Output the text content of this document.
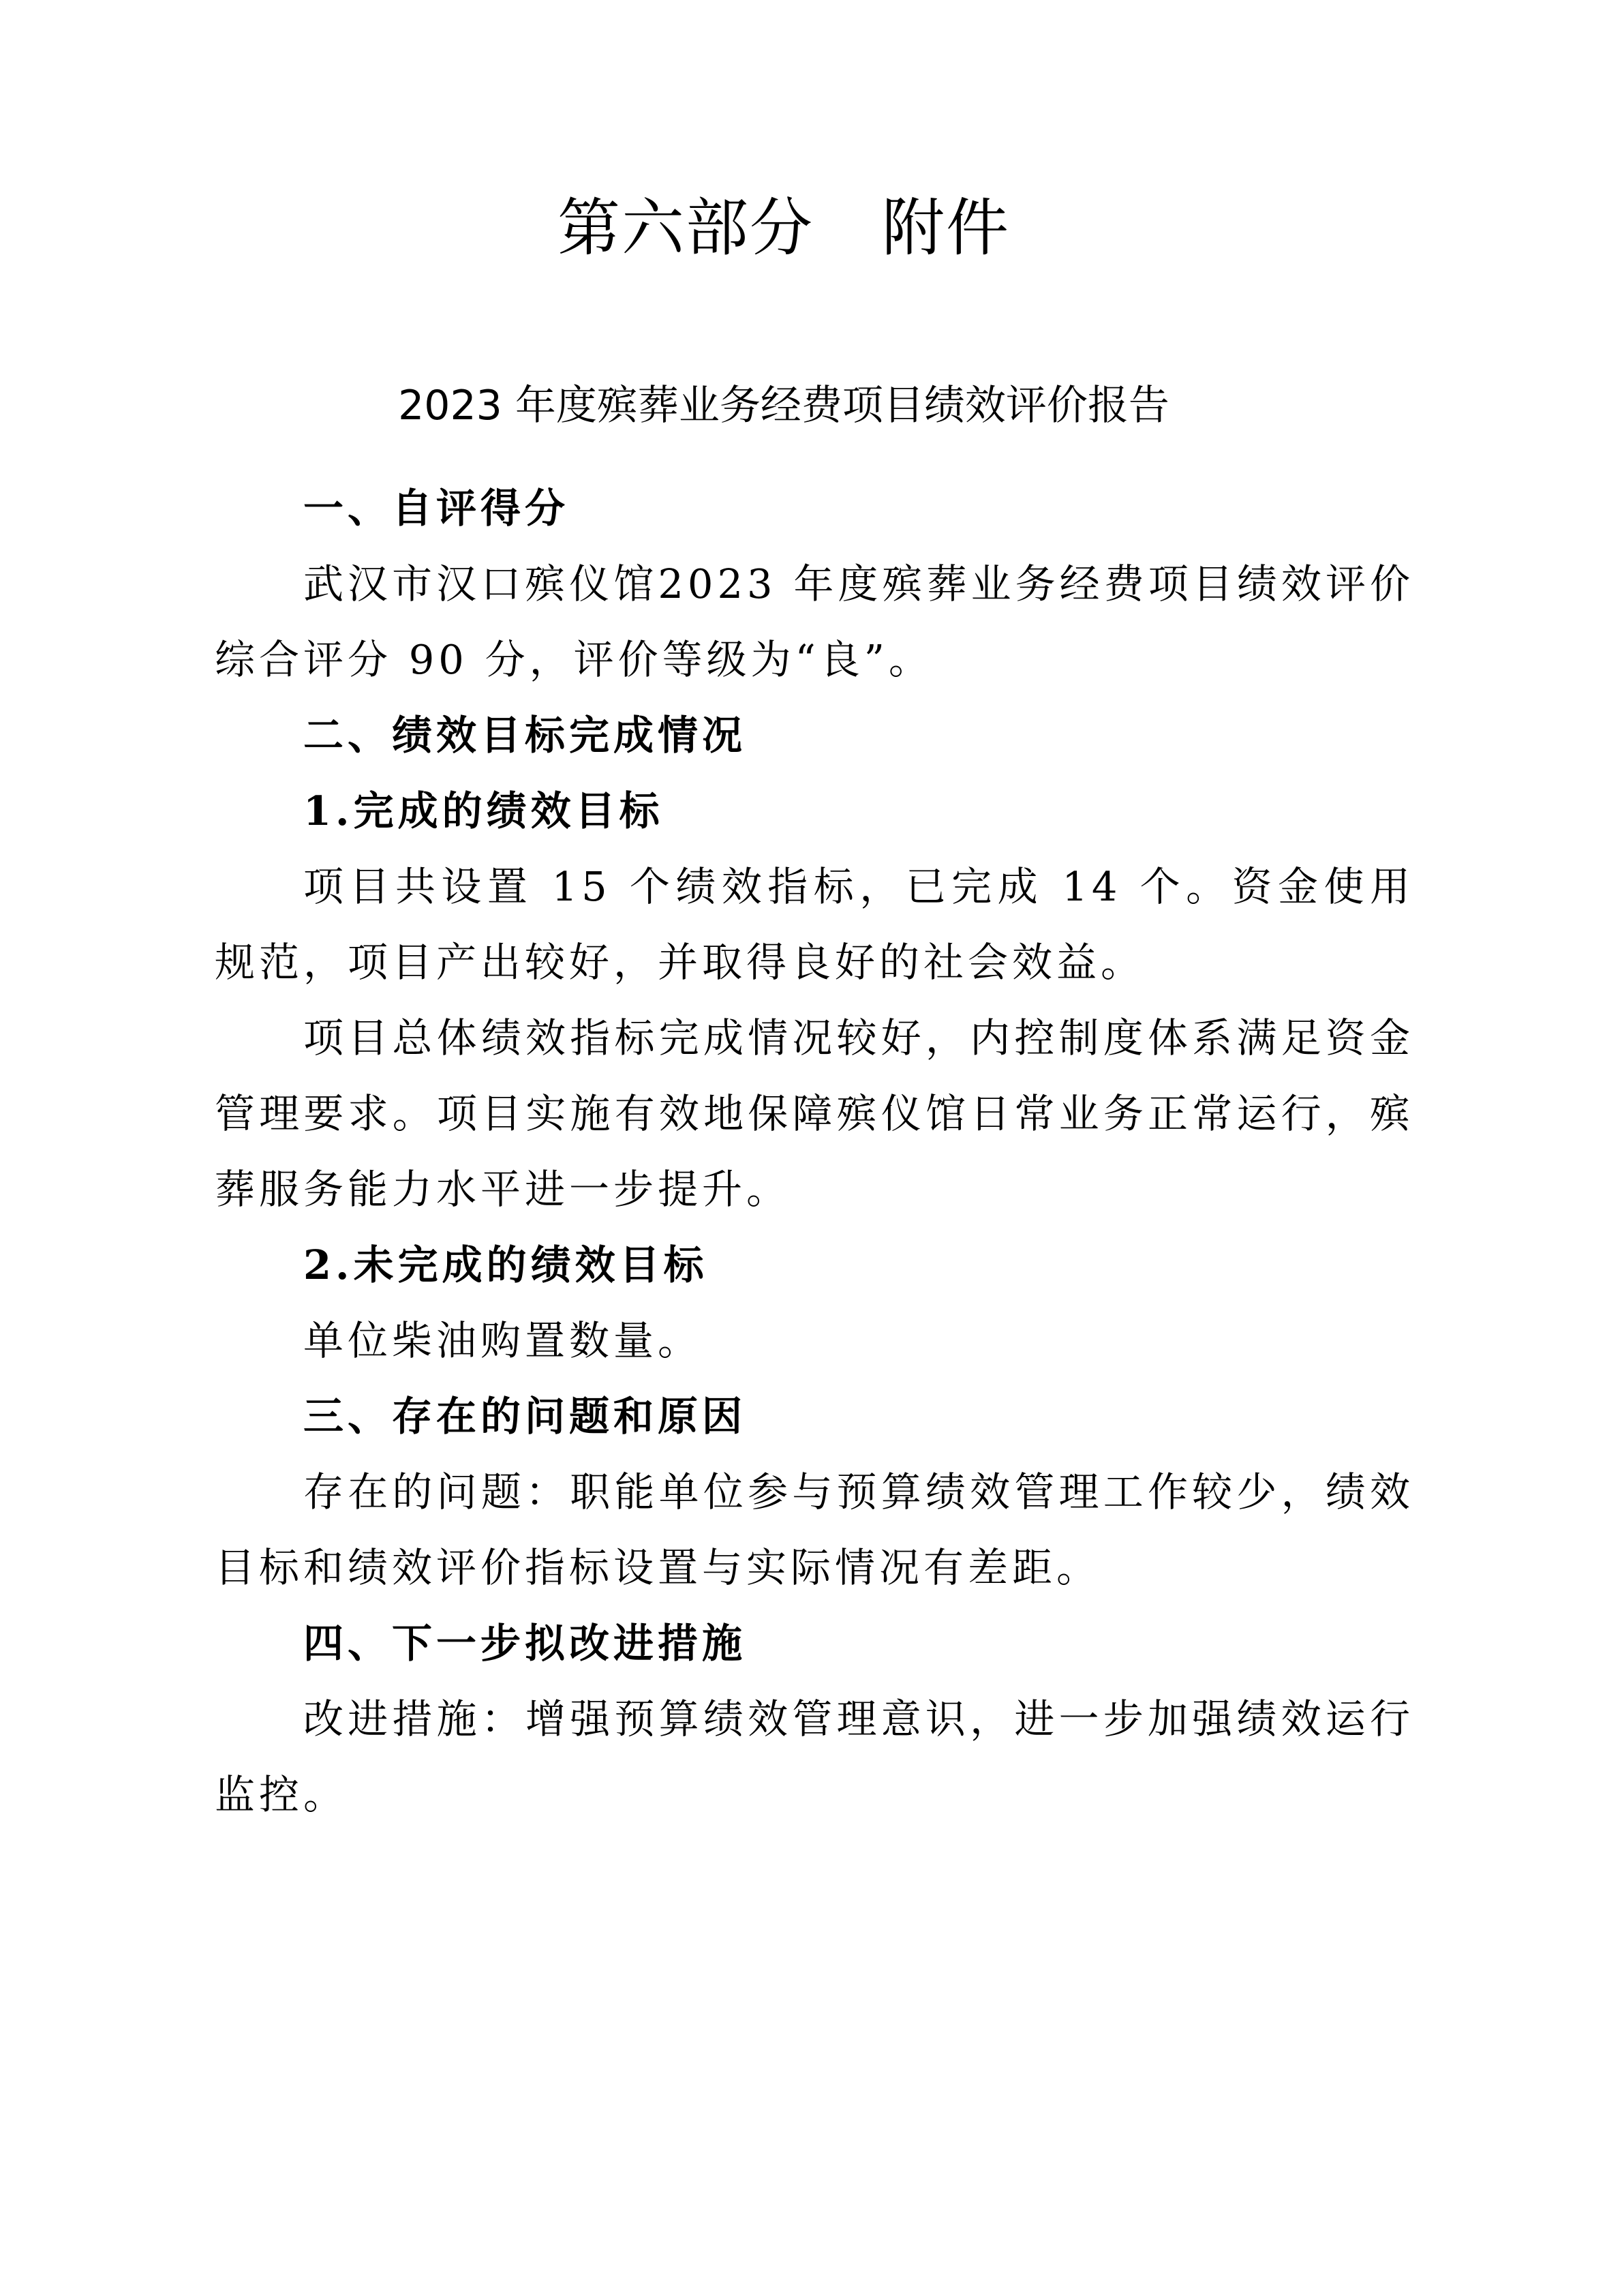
第六部分 附件
2023 年度殡葬业务经费项目绩效评价报告

一、自评得分

武汉市汉口殡仪馆2023 年度殡葬业务经费项目绩效评价综合评分 90 分，评价等级为“良”。

二、绩效目标完成情况

1.完成的绩效目标

项目共设置 15 个绩效指标，已完成 14 个。资金使用规范，项目产出较好，并取得良好的社会效益。

项目总体绩效指标完成情况较好，内控制度体系满足资金管理要求。项目实施有效地保障殡仪馆日常业务正常运行，殡葬服务能力水平进一步提升。

2.未完成的绩效目标

单位柴油购置数量。

三、存在的问题和原因

存在的问题：职能单位参与预算绩效管理工作较少，绩效目标和绩效评价指标设置与实际情况有差距。

四、下一步拟改进措施

改进措施：增强预算绩效管理意识，进一步加强绩效运行监控。
